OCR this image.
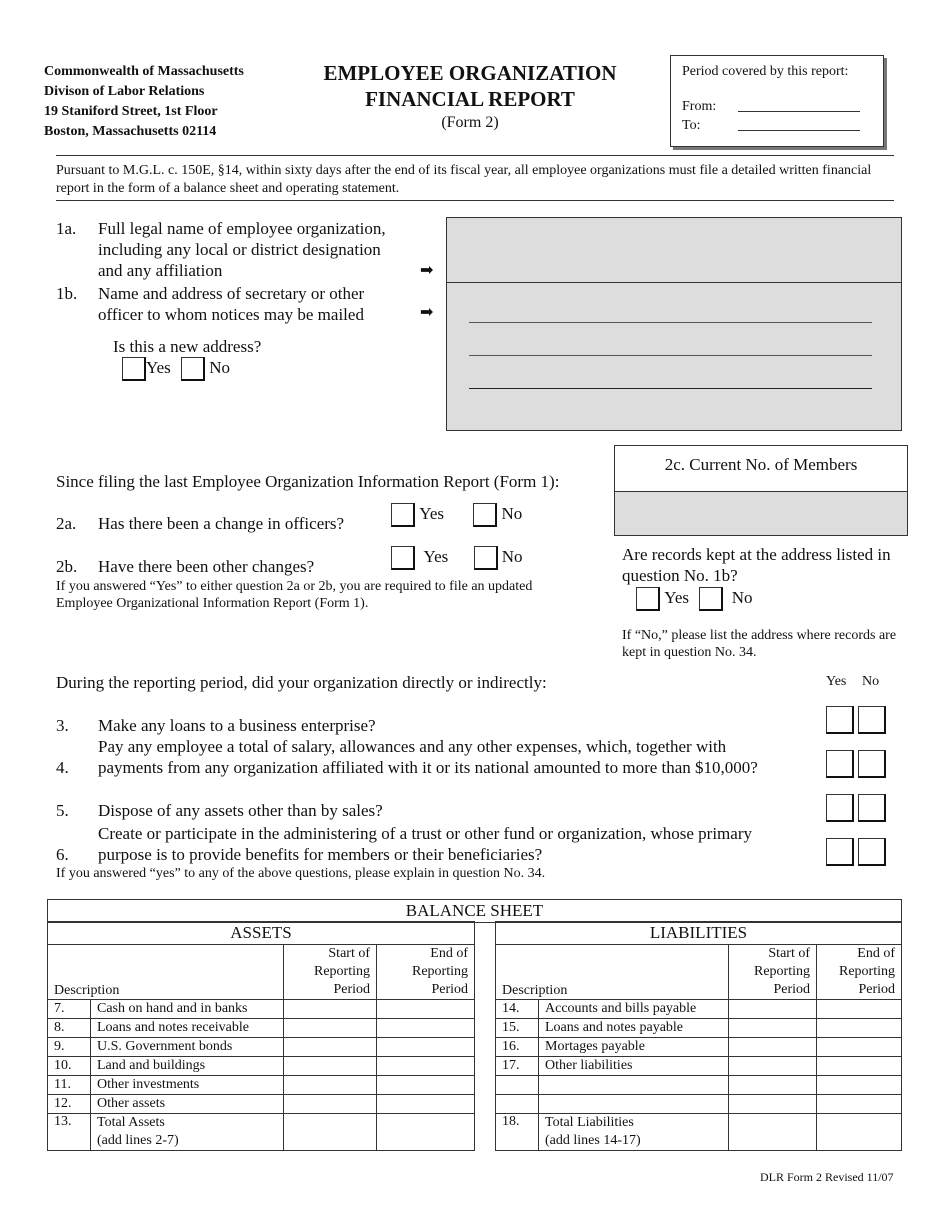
Commonwealth of Massachusetts
Divison of Labor Relations
19 Staniford Street, 1st Floor
Boston, Massachusetts 02114
EMPLOYEE ORGANIZATION
FINANCIAL REPORT
(Form 2)
Period covered by this report:
From:
To:
Pursuant to M.G.L. c. 150E, §14, within sixty days after the end of its fiscal year, all employee organizations must file a detailed written financial report in the form of a balance sheet and operating statement.
1a. Full legal name of employee organization, including any local or district designation and any affiliation	➡
1b. Name and address of secretary or other officer to whom notices may be mailed	➡
Is this a new address?
Yes No
Since filing the last Employee Organization Information Report (Form 1):
2a. Has there been a change in officers?
Yes	No
2b. Have there been other changes?
Yes	No
If you answered “Yes” to either question 2a or 2b, you are required to file an updated Employee Organizational Information Report (Form 1).
2c. Current No. of Members
Are records kept at the address listed in question No. 1b?
Yes	No
If “No,” please list the address where records are kept in question No. 34.
During the reporting period, did your organization directly or indirectly:	Yes No
3. Make any loans to a business enterprise?
Pay any employee a total of salary, allowances and any other expenses, which, together with
4. payments from any organization affiliated with it or its national amounted to more than $10,000?
5. Dispose of any assets other than by sales?
Create or participate in the administering of a trust or other fund or organization, whose primary
6. purpose is to provide benefits for members or their beneficiaries?
If you answered “yes” to any of the above questions, please explain in question No. 34.
BALANCE SHEET
ASSETS			
Description		Start of
Reporting
Period	End of
Reporting
Period
7.	Cash on hand and in banks		
8.	Loans and notes receivable		
9.	U.S. Government bonds		
10.	Land and buildings		
11.	Other investments		
12.	Other assets		
13.	Total Assets
(add lines 2-7)		
LIABILITIES			
Description		Start of
Reporting
Period	End of
Reporting
Period
14.	Accounts and bills payable		
15.	Loans and notes payable		
16.	Mortages payable		
17.	Other liabilities		

18.	Total Liabilities
(add lines 14-17)		
DLR Form 2 Revised 11/07
